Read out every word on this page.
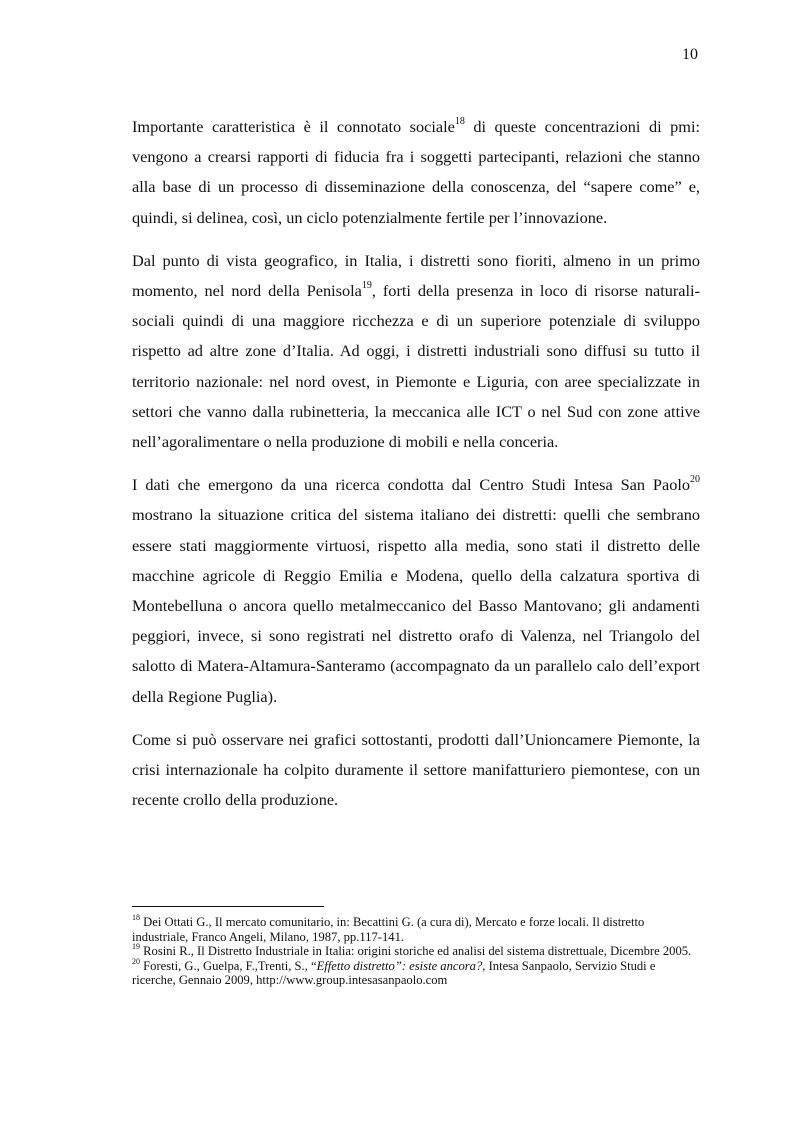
10

Importante caratteristica è il connotato sociale$^{18}$ di queste concentrazioni di pmi: vengono a crearsi rapporti di fiducia fra i soggetti partecipanti, relazioni che stanno alla base di un processo di disseminazione della conoscenza, del “sapere come” e, quindi, si delinea, così, un ciclo potenzialmente fertile per l’innovazione.

Dal punto di vista geografico, in Italia, i distretti sono fioriti, almeno in un primo momento, nel nord della Penisola$^{19}$, forti della presenza in loco di risorse naturali- sociali quindi di una maggiore ricchezza e di un superiore potenziale di sviluppo rispetto ad altre zone d’Italia. Ad oggi, i distretti industriali sono diffusi su tutto il territorio nazionale: nel nord ovest, in Piemonte e Liguria, con aree specializzate in settori che vanno dalla rubinetteria, la meccanica alle ICT o nel Sud con zone attive nell’agoralimentare o nella produzione di mobili e nella conceria.

I dati che emergono da una ricerca condotta dal Centro Studi Intesa San Paolo$^{20}$ mostrano la situazione critica del sistema italiano dei distretti: quelli che sembrano essere stati maggiormente virtuosi, rispetto alla media, sono stati il distretto delle macchine agricole di Reggio Emilia e Modena, quello della calzatura sportiva di Montebelluna o ancora quello metalmeccanico del Basso Mantovano; gli andamenti peggiori, invece, si sono registrati nel distretto orafo di Valenza, nel Triangolo del salotto di Matera-Altamura-Santeramo (accompagnato da un parallelo calo dell’export della Regione Puglia).

Come si può osservare nei grafici sottostanti, prodotti dall’Unioncamere Piemonte, la crisi internazionale ha colpito duramente il settore manifatturiero piemontese, con un recente crollo della produzione.

$^{18}$ Dei Ottati G., Il mercato comunitario, in: Becattini G. (a cura di), Mercato e forze locali. Il distretto industriale, Franco Angeli, Milano, 1987, pp.117-141.

$^{19}$ Rosini R., Il Distretto Industriale in Italia: origini storiche ed analisi del sistema distrettuale, Dicembre 2005.

$^{20}$ Foresti, G., Guelpa, F.,Trenti, S., “Effetto distretto”: esiste ancora?, Intesa Sanpaolo, Servizio Studi e ricerche, Gennaio 2009, http://www.group.intesasanpaolo.com
